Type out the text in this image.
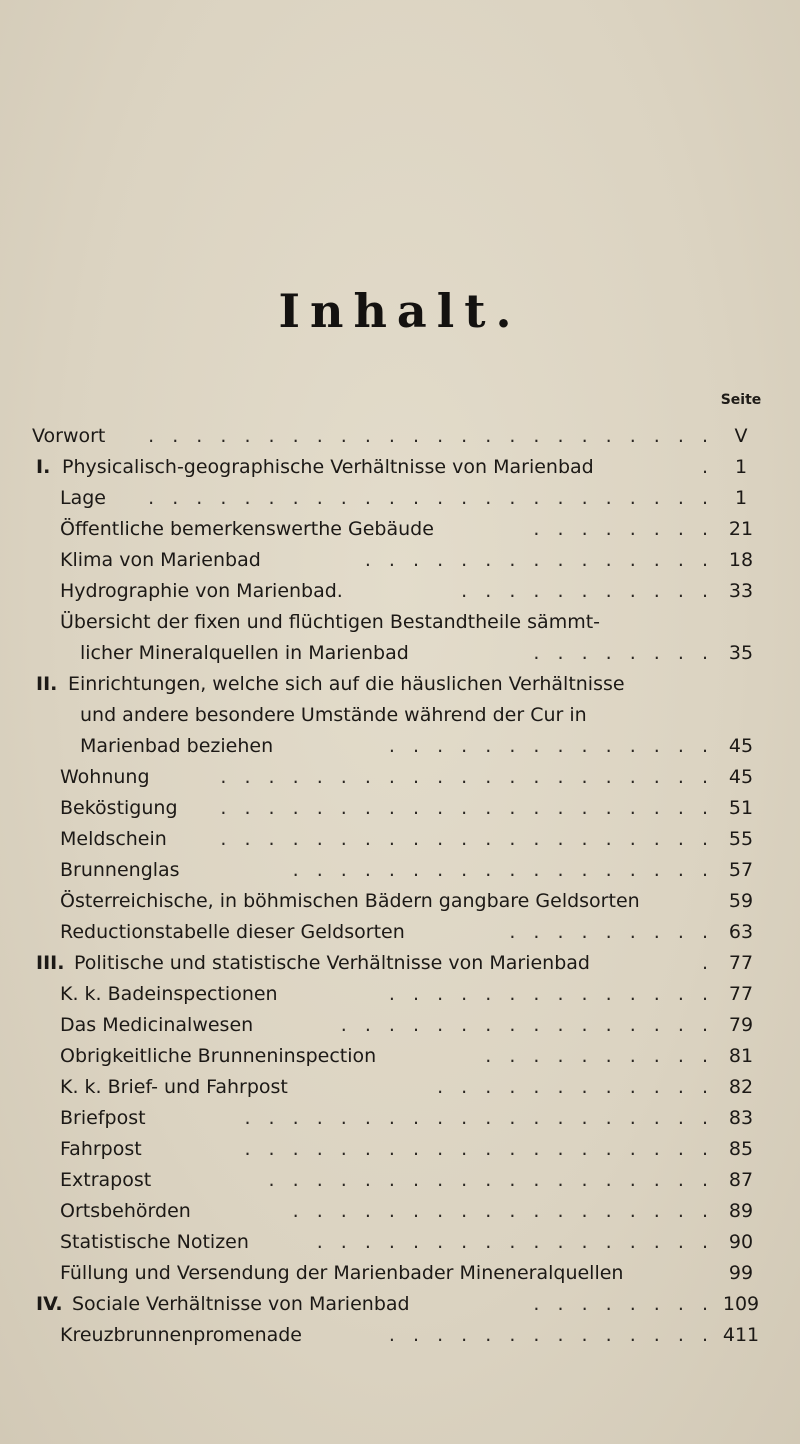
Inhalt.
Seite
Vorwort	. . . . . . . . . . . . . . . . . . . . . . . .	V
I. Physicalisch-geographische Verhältnisse von Marienbad	.	1
Lage	. . . . . . . . . . . . . . . . . . . . . . . .	1
Öffentliche bemerkenswerthe Gebäude	. . . . . . . . 21
Klima von Marienbad	. . . . . . . . . . . . . . . 18
Hydrographie von Marienbad.	. . . . . . . . . . . 33
Übersicht der fixen und flüchtigen Bestandtheile sämmt-
licher Mineralquellen in Marienbad	. . . . . . . . 35
II. Einrichtungen, welche sich auf die häuslichen Verhältnisse
und andere besondere Umstände während der Cur in
Marienbad beziehen	. . . . . . . . . . . . . . 45
Wohnung	. . . . . . . . . . . . . . . . . . . . . 45
Beköstigung	. . . . . . . . . . . . . . . . . . . . . 51
Meldschein	. . . . . . . . . . . . . . . . . . . . . 55
Brunnenglas	. . . . . . . . . . . . . . . . . . 57
Österreichische, in böhmischen Bädern gangbare Geldsorten	59
Reductionstabelle dieser Geldsorten	. . . . . . . . . 63
III. Politische und statistische Verhältnisse von Marienbad	. 77
K. k. Badeinspectionen	. . . . . . . . . . . . . . 77
Das Medicinalwesen	. . . . . . . . . . . . . . . . 79
Obrigkeitliche Brunneninspection	. . . . . . . . . . 81
K. k. Brief- und Fahrpost	. . . . . . . . . . . . 82
Briefpost	. . . . . . . . . . . . . . . . . . . . 83
Fahrpost	. . . . . . . . . . . . . . . . . . . . 85
Extrapost	. . . . . . . . . . . . . . . . . . . 87
Ortsbehörden	. . . . . . . . . . . . . . . . . . 89
Statistische Notizen	. . . . . . . . . . . . . . . . . 90
Füllung und Versendung der Marienbader Mineneralquellen	99
IV. Sociale Verhältnisse von Marienbad	. . . . . . . . 109
Kreuzbrunnenpromenade	. . . . . . . . . . . . . . 411
